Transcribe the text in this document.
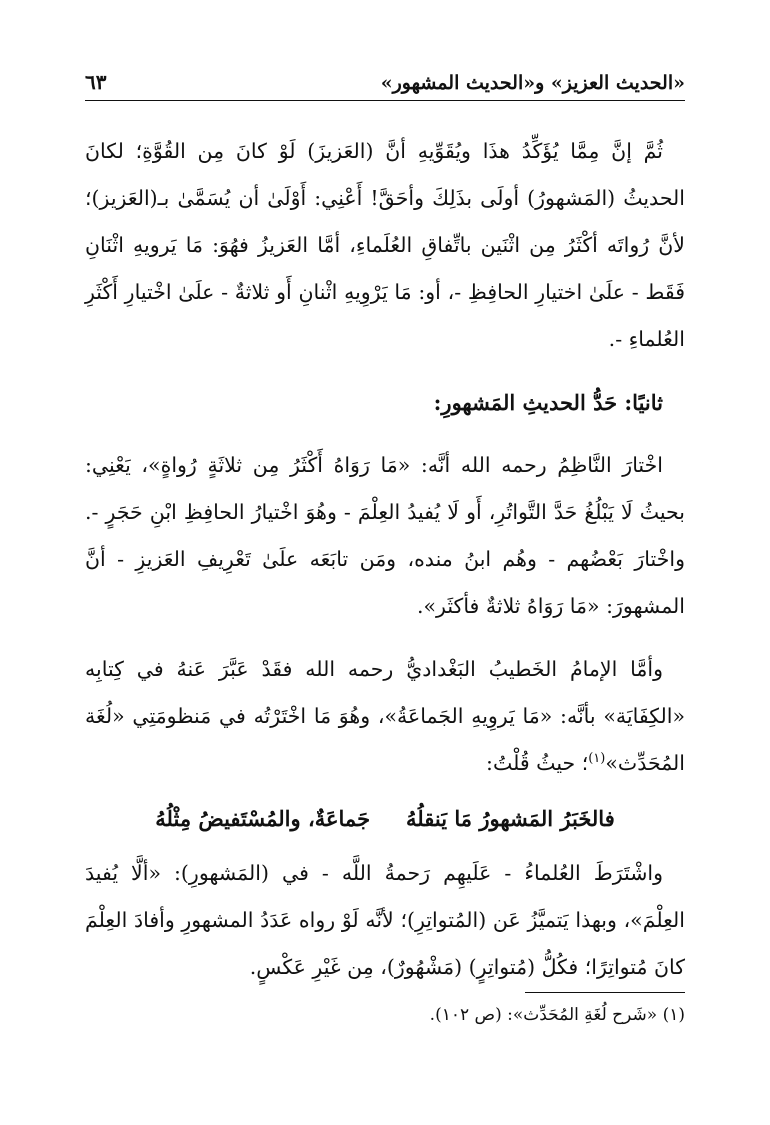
«الحديث العزيز» و«الحديث المشهور»
٦٣

ثُمَّ إنَّ مِمَّا يُؤَكِّدُ هذَا ويُقَوِّيهِ أنَّ (العَزيزَ) لَوْ كانَ مِن القُوَّةِ؛ لكانَ الحديثُ (المَشهورُ) أولَى بذَلِكَ وأحَقَّ! أَعْنِي: أَوْلَىٰ أن يُسَمَّىٰ بـ(العَزيز)؛ لأنَّ رُواتَه أكْثَرُ مِن اثْنَين باتِّفاقِ العُلَماءِ، أمَّا العَزيزُ فهُوَ: مَا يَرويهِ اثْنَانِ فَقَط - علَىٰ اختيارِ الحافِظِ -، أو: مَا يَرْوِيهِ اثْنانِ أَو ثلاثةٌ - علَىٰ اخْتيارِ أَكْثَرِ العُلماءِ -.

ثانيًا: حَدُّ الحديثِ المَشهورِ:

اخْتارَ النَّاظِمُ رحمه الله أنَّه: «مَا رَوَاهُ أَكْثَرُ مِن ثلاثَةٍ رُواةٍ»، يَعْنِي: بحيثُ لَا يَبْلُغُ حَدَّ التَّواتُرِ، أَو لَا يُفيدُ العِلْمَ - وهُوَ اخْتيارُ الحافِظِ ابْنِ حَجَرٍ -. واخْتارَ بَعْضُهم - وهُم ابنُ منده، ومَن تابَعَه علَىٰ تَعْرِيفِ العَزيزِ - أنَّ المشهورَ: «مَا رَوَاهُ ثلاثةٌ فأكثَر».

وأمَّا الإمامُ الخَطيبُ البَغْداديُّ رحمه الله فقَدْ عَبَّرَ عَنهُ في كِتابِه «الكِفَايَة» بأنَّه: «مَا يَروِيهِ الجَماعَةُ»، وهُوَ مَا اخْتَرْتُه في مَنظومَتِي «لُغَة المُحَدِّث»$^{(١)}$؛ حيثُ قُلْتُ:

فالخَبَرُ المَشهورُ مَا يَنقلُهُ
جَماعَةٌ، والمُسْتَفيضُ مِثْلُهُ

واشْتَرَطَ العُلماءُ - عَلَيهِم رَحمةُ اللَّه - في (المَشهورِ): «ألَّا يُفيدَ العِلْمَ»، وبهذا يَتميَّزُ عَن (المُتواتِرِ)؛ لأنَّه لَوْ رواه عَدَدُ المشهورِ وأفادَ العِلْمَ كانَ مُتواتِرًا؛ فكُلُّ (مُتواتِرٍ) (مَشْهُورٌ)، مِن غَيْرِ عَكْسٍ.

(١) «شَرح لُغَةِ المُحَدِّث»: (ص ١٠٢).
